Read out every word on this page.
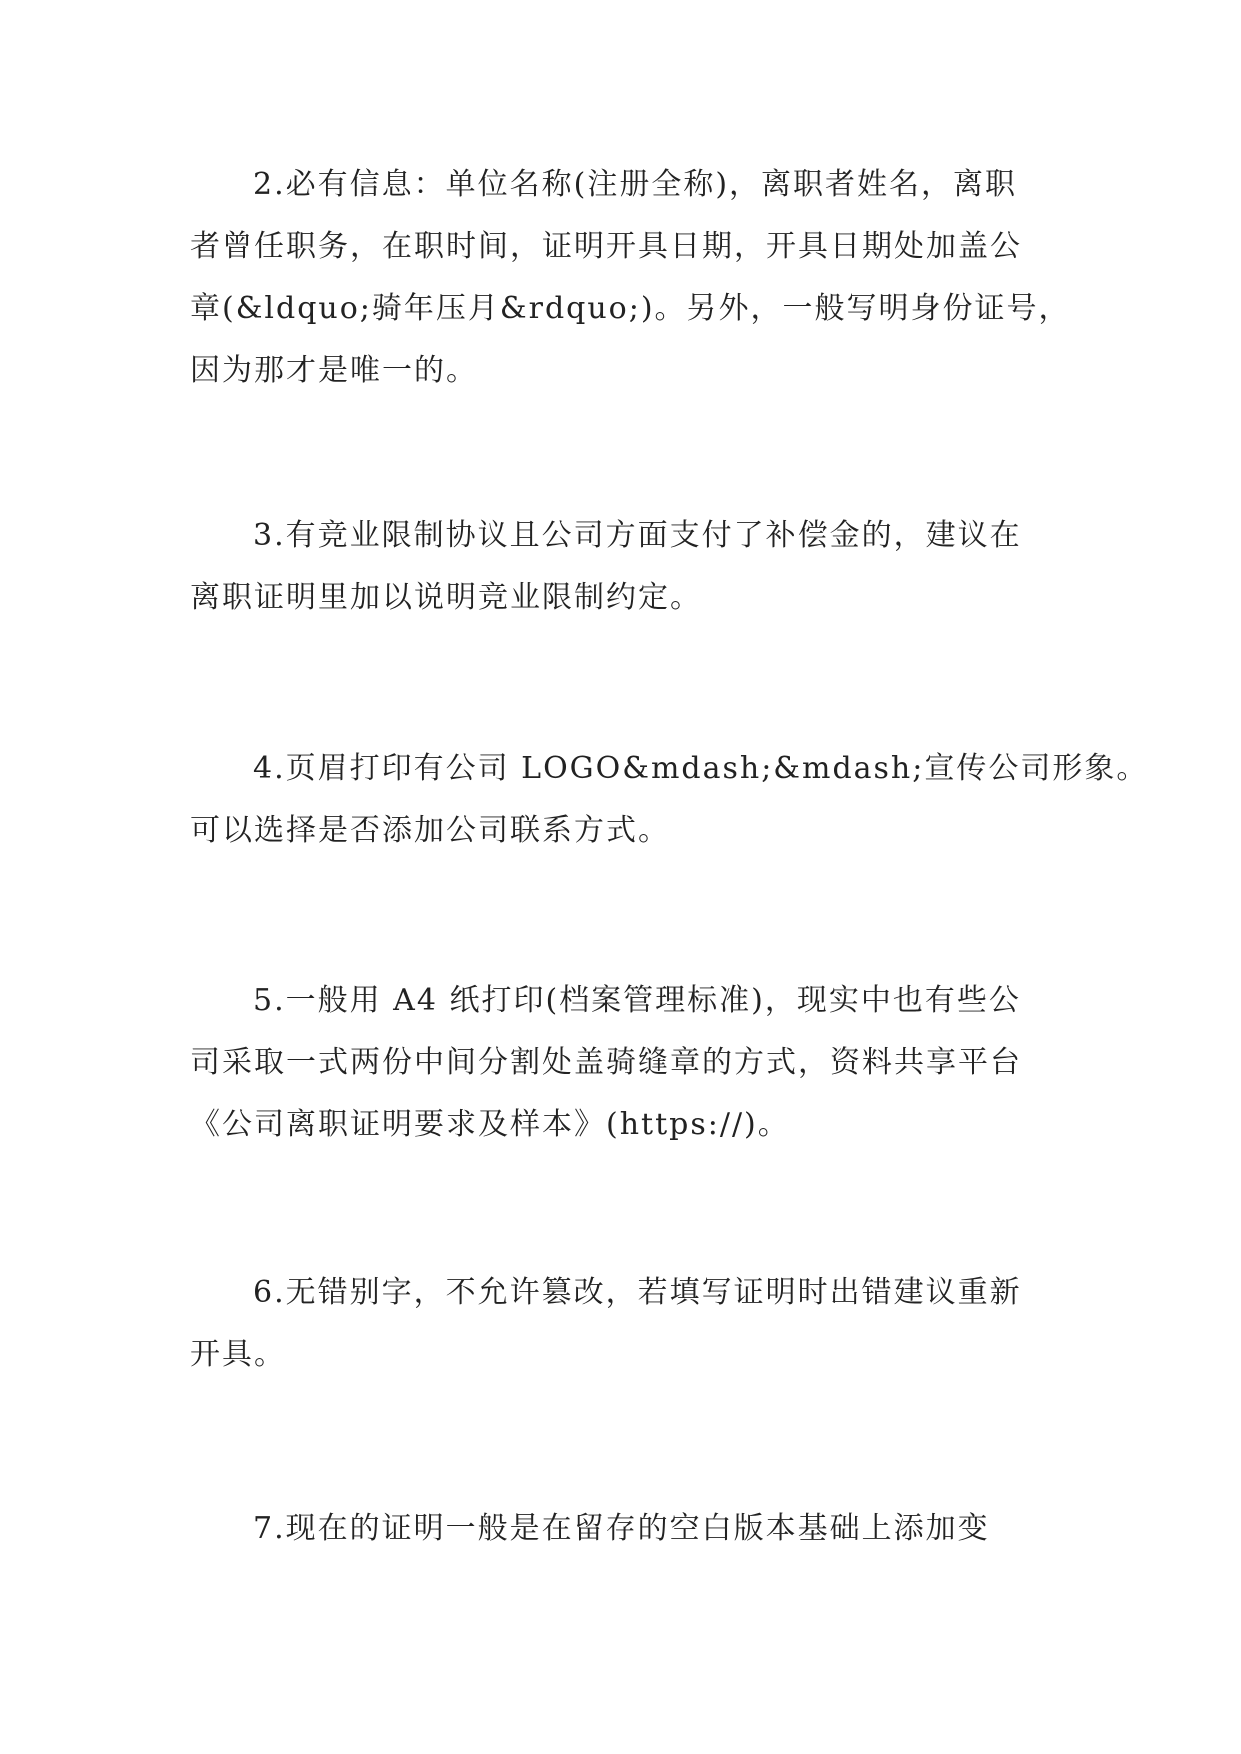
2.必有信息：单位名称(注册全称)，离职者姓名，离职
者曾任职务，在职时间，证明开具日期，开具日期处加盖公
章(&ldquo;骑年压月&rdquo;)。另外，一般写明身份证号，
因为那才是唯一的。
3.有竞业限制协议且公司方面支付了补偿金的，建议在
离职证明里加以说明竞业限制约定。
4.页眉打印有公司 LOGO&mdash;&mdash;宣传公司形象。
可以选择是否添加公司联系方式。
5.一般用 A4 纸打印(档案管理标准)，现实中也有些公
司采取一式两份中间分割处盖骑缝章的方式，资料共享平台
《公司离职证明要求及样本》(https://)。
6.无错别字，不允许篡改，若填写证明时出错建议重新
开具。
7.现在的证明一般是在留存的空白版本基础上添加变
